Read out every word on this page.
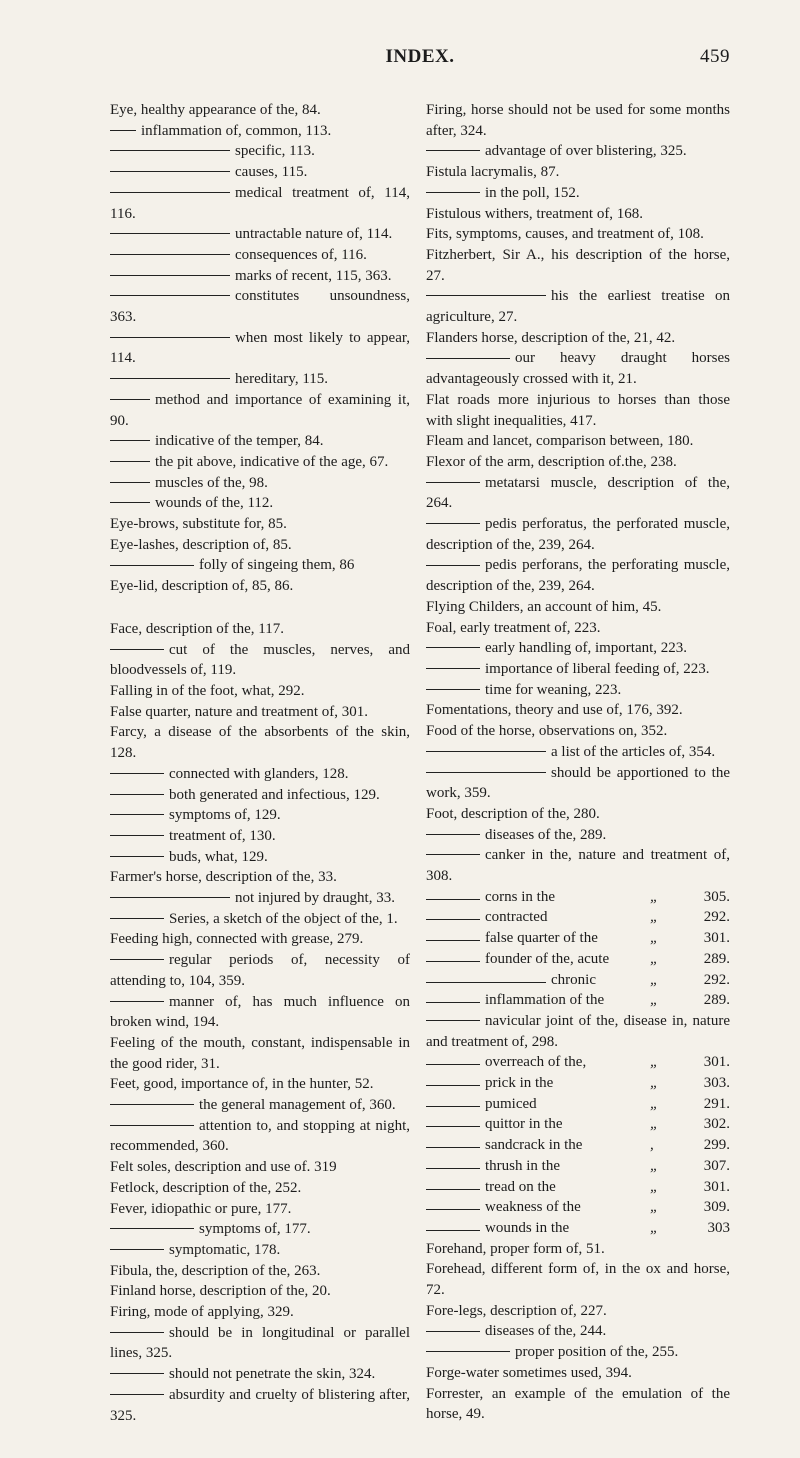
INDEX.	459
Eye, healthy appearance of the, 84.
inflammation of, common, 113.
specific, 113.
causes, 115.
medical treatment of, 114, 116.
untractable nature of, 114.
consequences of, 116.
marks of recent, 115, 363.
constitutes unsoundness, 363.
when most likely to appear, 114.
hereditary, 115.
method and importance of examining it, 90.
indicative of the temper, 84.
the pit above, indicative of the age, 67.
muscles of the, 98.
wounds of the, 112.
Eye-brows, substitute for, 85.
Eye-lashes, description of, 85.
folly of singeing them, 86
Eye-lid, description of, 85, 86.
Face, description of the, 117.
cut of the muscles, nerves, and bloodvessels of, 119.
Falling in of the foot, what, 292.
False quarter, nature and treatment of, 301.
Farcy, a disease of the absorbents of the skin, 128.
connected with glanders, 128.
both generated and infectious, 129.
symptoms of, 129.
treatment of, 130.
buds, what, 129.
Farmer's horse, description of the, 33.
not injured by draught, 33.
Series, a sketch of the object of the, 1.
Feeding high, connected with grease, 279.
regular periods of, necessity of attending to, 104, 359.
manner of, has much influence on broken wind, 194.
Feeling of the mouth, constant, indispensable in the good rider, 31.
Feet, good, importance of, in the hunter, 52.
the general management of, 360.
attention to, and stopping at night, recommended, 360.
Felt soles, description and use of. 319
Fetlock, description of the, 252.
Fever, idiopathic or pure, 177.
symptoms of, 177.
symptomatic, 178.
Fibula, the, description of the, 263.
Finland horse, description of the, 20.
Firing, mode of applying, 329.
should be in longitudinal or parallel lines, 325.
should not penetrate the skin, 324.
absurdity and cruelty of blistering after, 325.
Firing, horse should not be used for some months after, 324.
advantage of over blistering, 325.
Fistula lacrymalis, 87.
in the poll, 152.
Fistulous withers, treatment of, 168.
Fits, symptoms, causes, and treatment of, 108.
Fitzherbert, Sir A., his description of the horse, 27.
his the earliest treatise on agriculture, 27.
Flanders horse, description of the, 21, 42.
our heavy draught horses advantageously crossed with it, 21.
Flat roads more injurious to horses than those with slight inequalities, 417.
Fleam and lancet, comparison between, 180.
Flexor of the arm, description of.the, 238.
metatarsi muscle, description of the, 264.
pedis perforatus, the perforated muscle, description of the, 239, 264.
pedis perforans, the perforating muscle, description of the, 239, 264.
Flying Childers, an account of him, 45.
Foal, early treatment of, 223.
early handling of, important, 223.
importance of liberal feeding of, 223.
time for weaning, 223.
Fomentations, theory and use of, 176, 392.
Food of the horse, observations on, 352.
a list of the articles of, 354.
should be apportioned to the work, 359.
Foot, description of the, 280.
diseases of the, 289.
canker in the, nature and treatment of, 308.
corns in the	„	305.
contracted	„	292.
false quarter of the	„	301.
founder of the, acute	„	289.
chronic	„	292.
inflammation of the	„	289.
navicular joint of the, disease in, nature and treatment of, 298.
overreach of the,	„	301.
prick in the	„	303.
pumiced	„	291.
quittor in the	„	302.
sandcrack in the	,	299.
thrush in the	„	307.
tread on the	„	301.
weakness of the	„	309.
wounds in the	„	303
Forehand, proper form of, 51.
Forehead, different form of, in the ox and horse, 72.
Fore-legs, description of, 227.
diseases of the, 244.
proper position of the, 255.
Forge-water sometimes used, 394.
Forrester, an example of the emulation of the horse, 49.
